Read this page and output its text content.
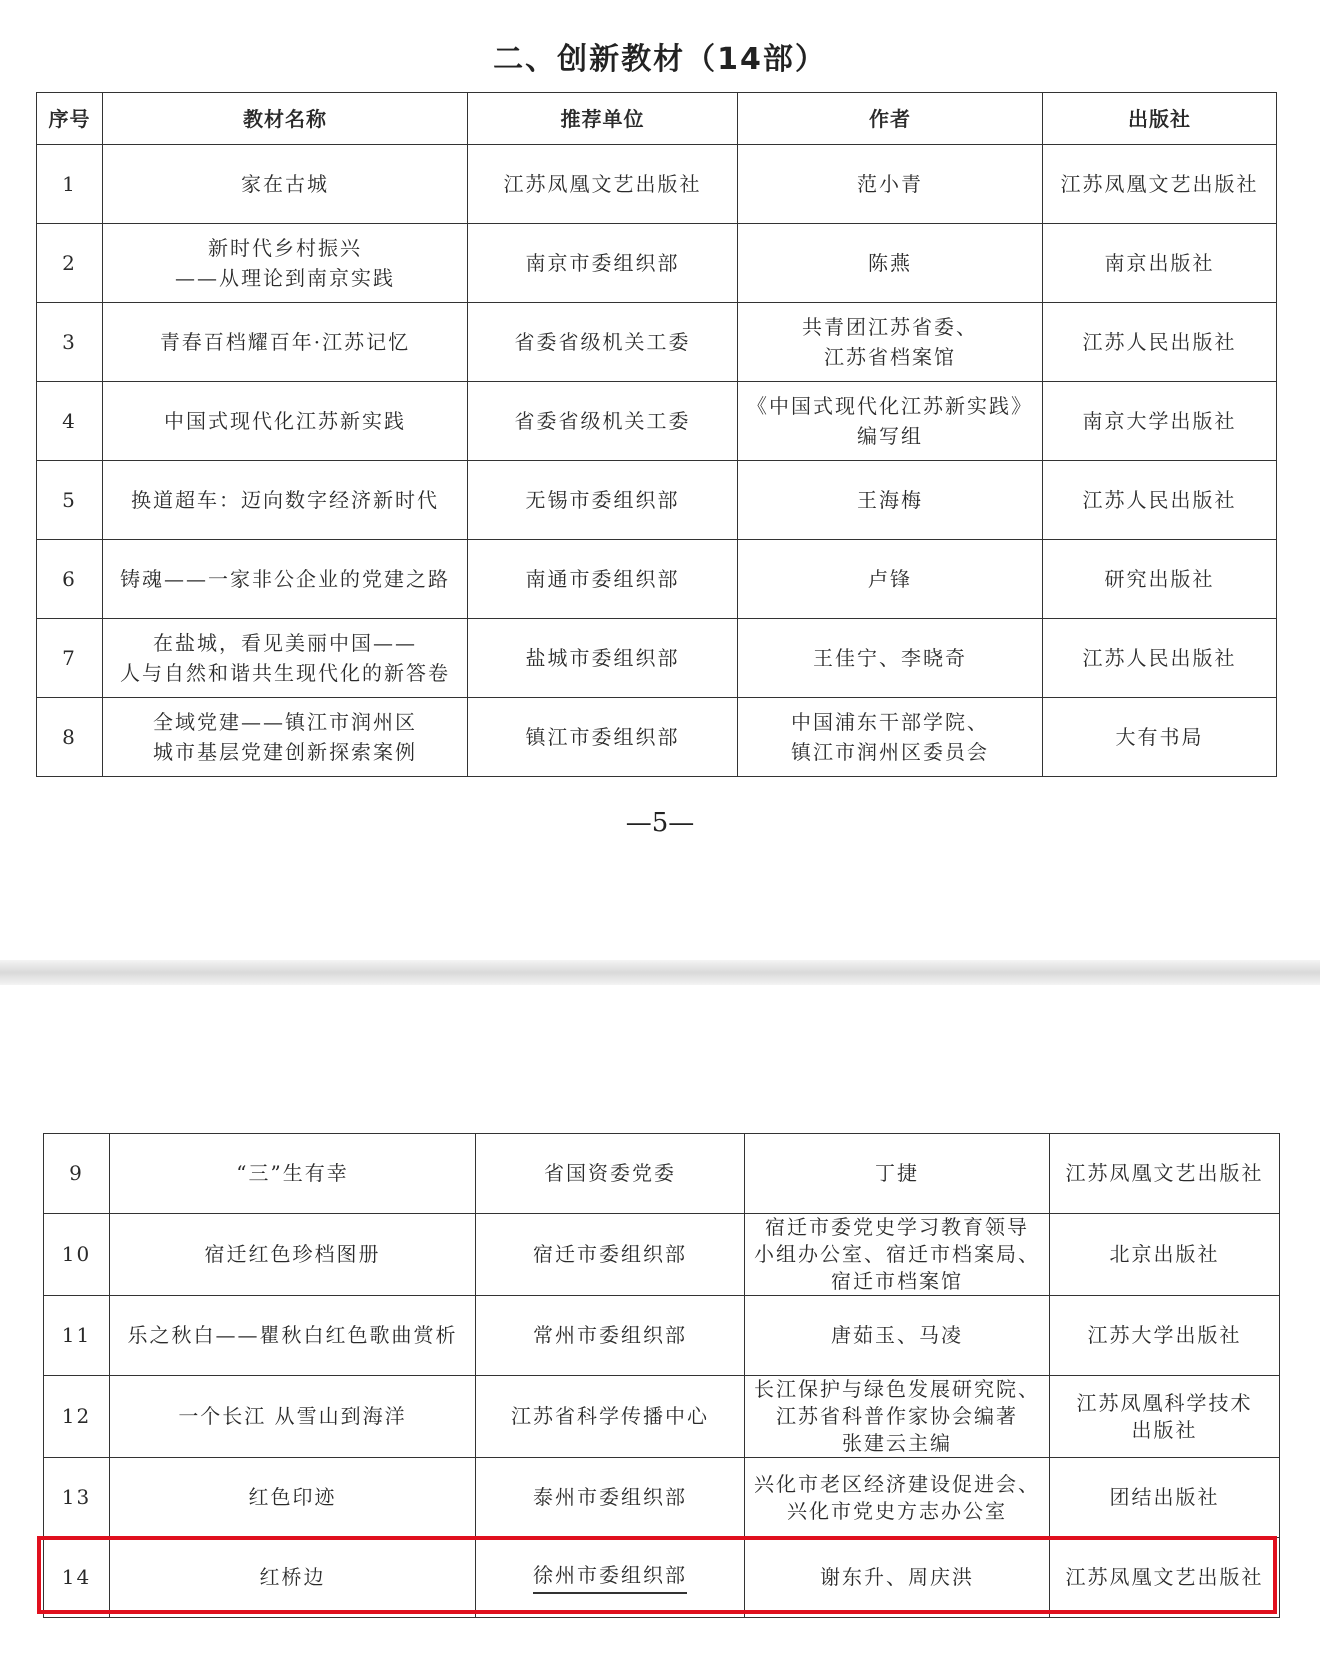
二、创新教材（14部）
序号	教材名称	推荐单位	作者	出版社
1	家在古城	江苏凤凰文艺出版社	范小青	江苏凤凰文艺出版社

2	新时代乡村振兴
——从理论到南京实践	南京市委组织部	陈燕	南京出版社

3	青春百档耀百年·江苏记忆	省委省级机关工委	共青团江苏省委、
江苏省档案馆	江苏人民出版社

4	中国式现代化江苏新实践	省委省级机关工委	《中国式现代化江苏新实践》
编写组	南京大学出版社

5	换道超车：迈向数字经济新时代	无锡市委组织部	王海梅	江苏人民出版社

6	铸魂——一家非公企业的党建之路	南通市委组织部	卢锋	研究出版社

7	在盐城，看见美丽中国——
人与自然和谐共生现代化的新答卷	盐城市委组织部	王佳宁、李晓奇	江苏人民出版社

8	全域党建——镇江市润州区
城市基层党建创新探索案例	镇江市委组织部	中国浦东干部学院、
镇江市润州区委员会	大有书局
—5—
9	“三”生有幸	省国资委党委	丁捷	江苏凤凰文艺出版社

10	宿迁红色珍档图册	宿迁市委组织部	宿迁市委党史学习教育领导
小组办公室、宿迁市档案局、
宿迁市档案馆	北京出版社

11	乐之秋白——瞿秋白红色歌曲赏析	常州市委组织部	唐茹玉、马凌	江苏大学出版社

12	一个长江 从雪山到海洋	江苏省科学传播中心	长江保护与绿色发展研究院、
江苏省科普作家协会编著
张建云主编	江苏凤凰科学技术
出版社

13	红色印迹	泰州市委组织部	兴化市老区经济建设促进会、
兴化市党史方志办公室	团结出版社

14	红桥边	徐州市委组织部	谢东升、周庆洪	江苏凤凰文艺出版社
